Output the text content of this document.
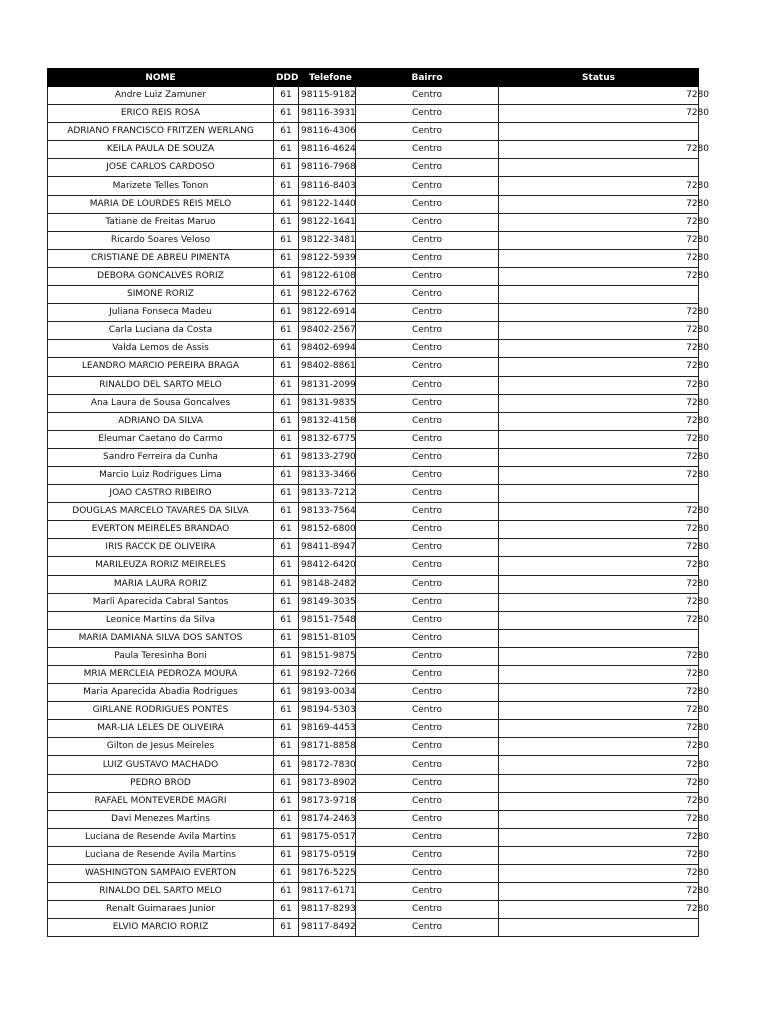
NOME	DDD	Telefone	Bairro	Status
Andre Luiz Zamuner	61	98115-9182	Centro	7280
ERICO REIS ROSA	61	98116-3931	Centro	7280
ADRIANO FRANCISCO FRITZEN WERLANG	61	98116-4306	Centro	
KEILA PAULA DE SOUZA	61	98116-4624	Centro	7280
JOSE CARLOS CARDOSO	61	98116-7968	Centro	
Marizete Telles Tonon	61	98116-8403	Centro	7280
MARIA DE LOURDES REIS MELO	61	98122-1440	Centro	7280
Tatiane de Freitas Maruo	61	98122-1641	Centro	7280
Ricardo Soares Veloso	61	98122-3481	Centro	7280
CRISTIANE DE ABREU PIMENTA	61	98122-5939	Centro	7280
DEBORA GONCALVES RORIZ	61	98122-6108	Centro	7280
SIMONE RORIZ	61	98122-6762	Centro	
Juliana Fonseca Madeu	61	98122-6914	Centro	7280
Carla Luciana da Costa	61	98402-2567	Centro	7280
Valda Lemos de Assis	61	98402-6994	Centro	7280
LEANDRO MARCIO PEREIRA BRAGA	61	98402-8861	Centro	7280
RINALDO DEL SARTO MELO	61	98131-2099	Centro	7280
Ana Laura de Sousa Goncalves	61	98131-9835	Centro	7280
ADRIANO DA SILVA	61	98132-4158	Centro	7280
Eleumar Caetano do Carmo	61	98132-6775	Centro	7280
Sandro Ferreira da Cunha	61	98133-2790	Centro	7280
Marcio Luiz Rodrigues Lima	61	98133-3466	Centro	7280
JOAO CASTRO RIBEIRO	61	98133-7212	Centro	
DOUGLAS MARCELO TAVARES DA SILVA	61	98133-7564	Centro	7280
EVERTON MEIRELES BRANDAO	61	98152-6800	Centro	7280
IRIS RACCK DE OLIVEIRA	61	98411-8947	Centro	7280
MARILEUZA RORIZ MEIRELES	61	98412-6420	Centro	7280
MARIA LAURA RORIZ	61	98148-2482	Centro	7280
Marli Aparecida Cabral Santos	61	98149-3035	Centro	7280
Leonice Martins da Silva	61	98151-7548	Centro	7280
MARIA DAMIANA SILVA DOS SANTOS	61	98151-8105	Centro	
Paula Teresinha Boni	61	98151-9875	Centro	7280
MRIA MERCLEIA PEDROZA MOURA	61	98192-7266	Centro	7280
Maria Aparecida Abadia Rodrigues	61	98193-0034	Centro	7280
GIRLANE RODRIGUES PONTES	61	98194-5303	Centro	7280
MAR-LIA LELES DE OLIVEIRA	61	98169-4453	Centro	7280
Gilton de Jesus Meireles	61	98171-8858	Centro	7280
LUIZ GUSTAVO MACHADO	61	98172-7830	Centro	7280
PEDRO BROD	61	98173-8902	Centro	7280
RAFAEL MONTEVERDE MAGRI	61	98173-9718	Centro	7280
Davi Menezes Martins	61	98174-2463	Centro	7280
Luciana de Resende Avila Martins	61	98175-0517	Centro	7280
Luciana de Resende Avila Martins	61	98175-0519	Centro	7280
WASHINGTON SAMPAIO EVERTON	61	98176-5225	Centro	7280
RINALDO DEL SARTO MELO	61	98117-6171	Centro	7280
Renalt Guimaraes Junior	61	98117-8293	Centro	7280
ELVIO MARCIO RORIZ	61	98117-8492	Centro	
